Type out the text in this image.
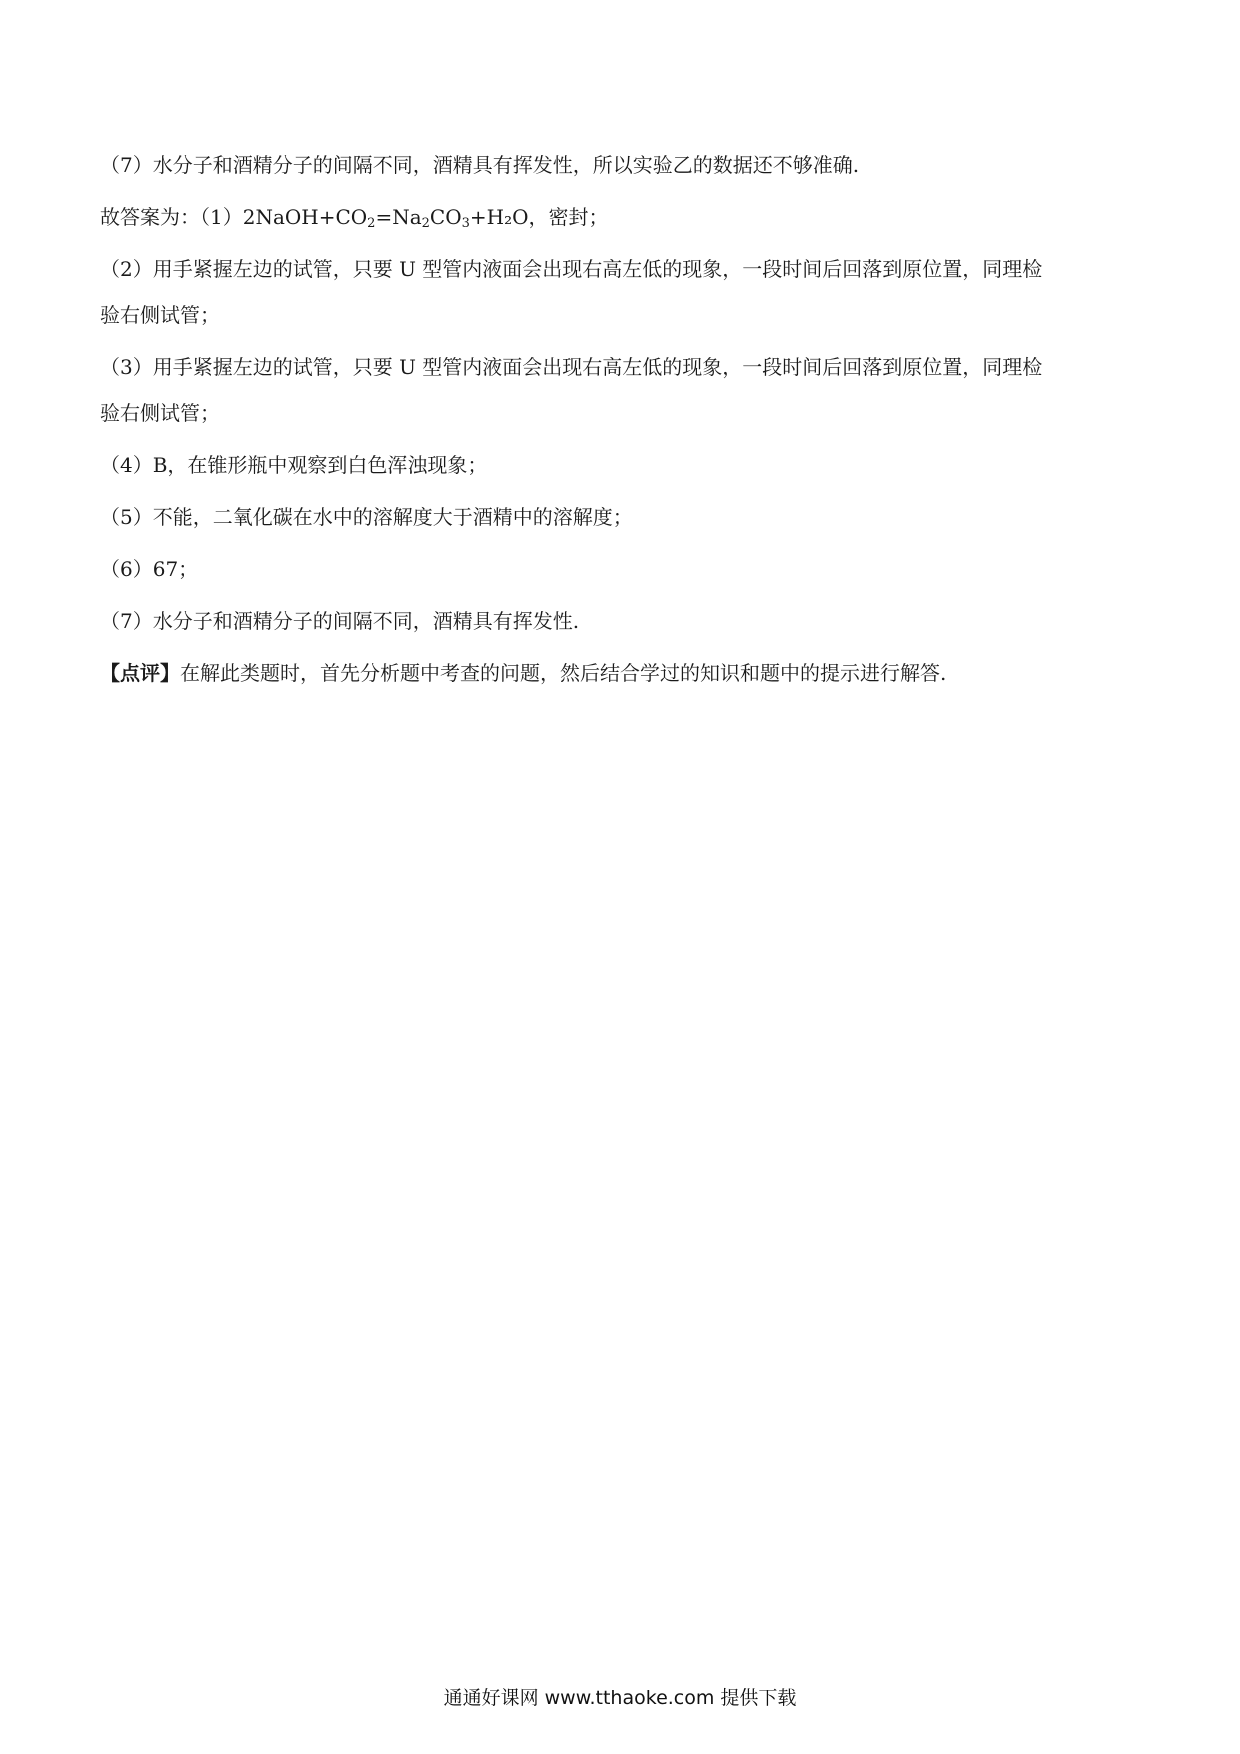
（7）水分子和酒精分子的间隔不同，酒精具有挥发性，所以实验乙的数据还不够准确.
故答案为：$(1)2NaOH+CO_2=Na_2CO_3+H_2O$，密封；
（2）用手紧握左边的试管，只要 U 型管内液面会出现右高左低的现象，一段时间后回落到原位置，同理检
验右侧试管；
（3）用手紧握左边的试管，只要 U 型管内液面会出现右高左低的现象，一段时间后回落到原位置，同理检
验右侧试管；
（4）B，在锥形瓶中观察到白色浑浊现象；
（5）不能，二氧化碳在水中的溶解度大于酒精中的溶解度；
（6）67；
（7）水分子和酒精分子的间隔不同，酒精具有挥发性.
【点评】在解此类题时，首先分析题中考查的问题，然后结合学过的知识和题中的提示进行解答.
通通好课网 www.tthaoke.com 提供下载
